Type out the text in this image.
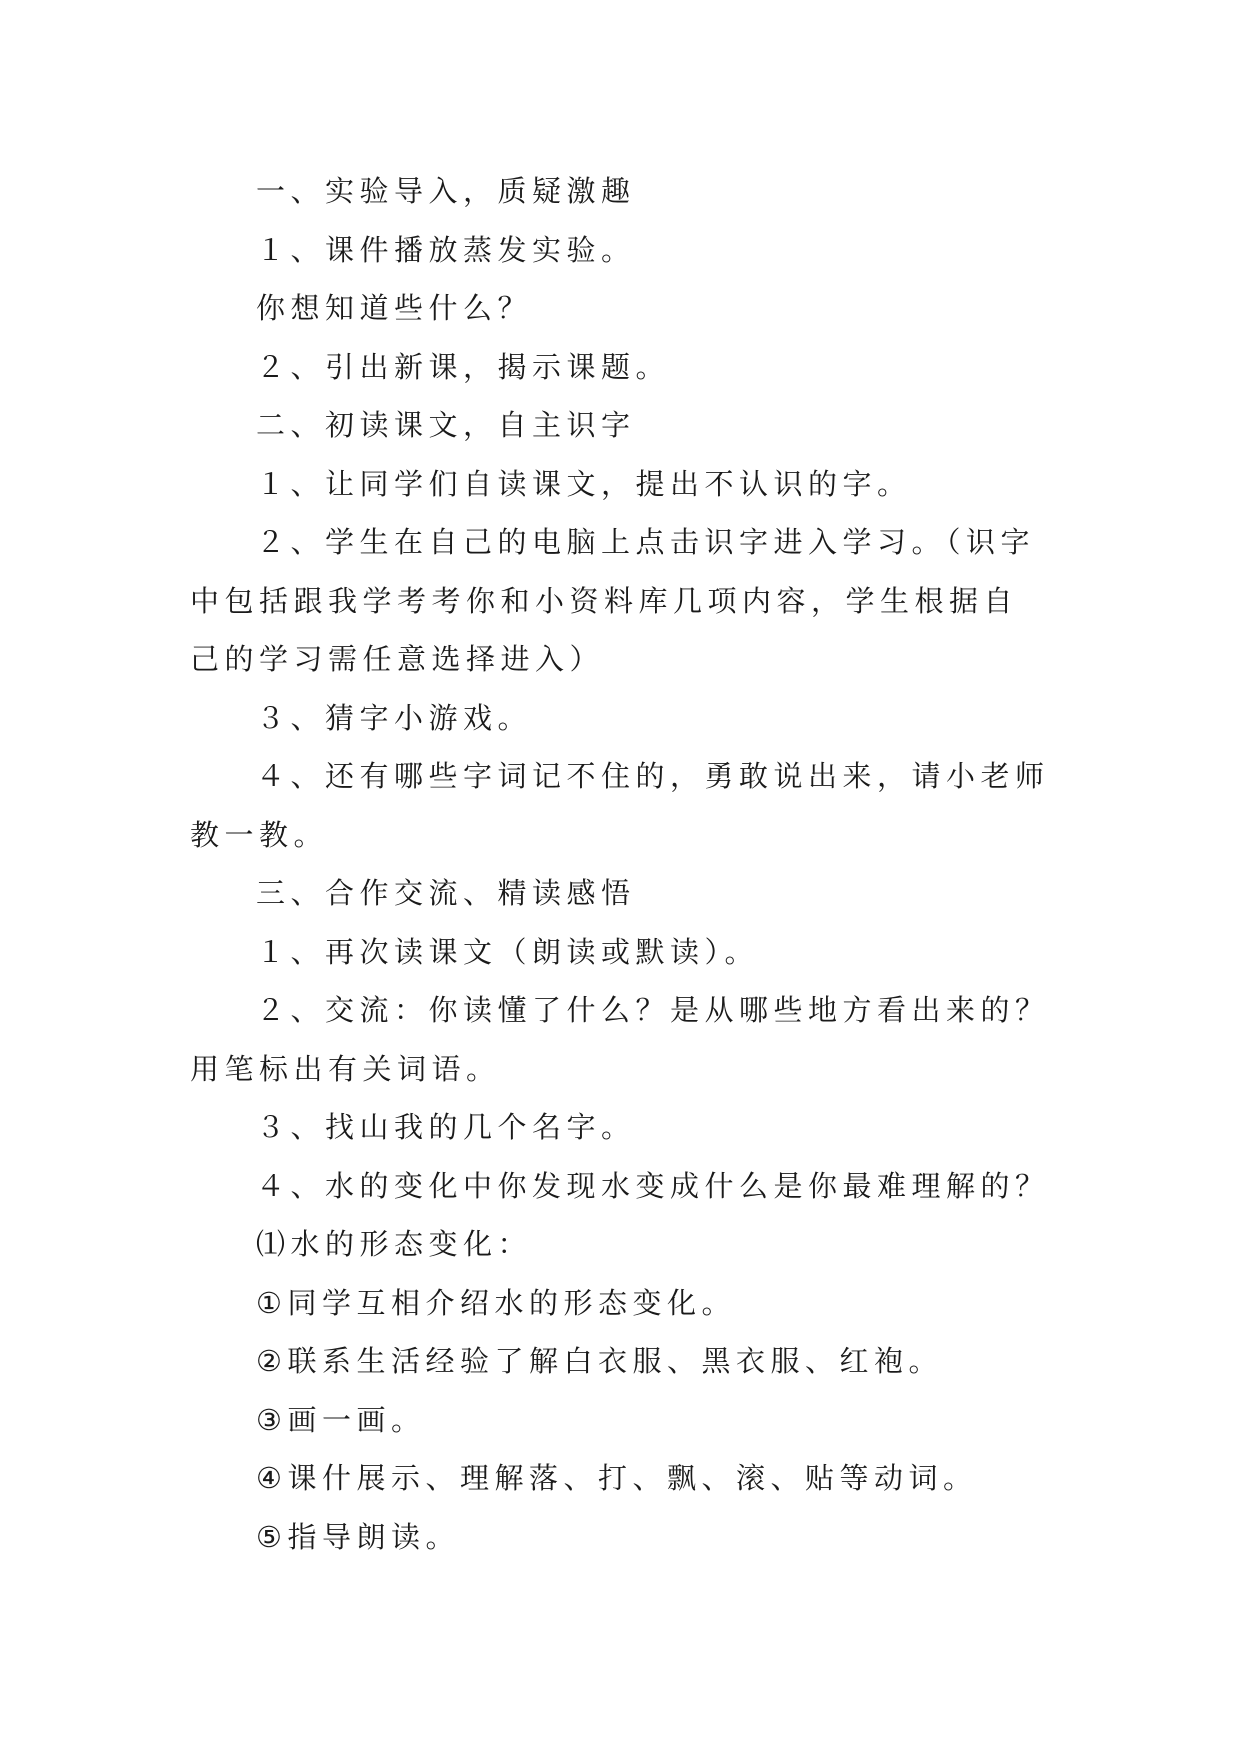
一、实验导入，质疑激趣

１、课件播放蒸发实验。

你想知道些什么？

２、引出新课，揭示课题。

二、初读课文，自主识字

１、让同学们自读课文，提出不认识的字。

２、学生在自己的电脑上点击识字进入学习。（识字中包括跟我学考考你和小资料库几项内容，学生根据自己的学习需任意选择进入）

３、猜字小游戏。

４、还有哪些字词记不住的，勇敢说出来，请小老师教一教。

三、合作交流、精读感悟

１、再次读课文（朗读或默读）。

２、交流：你读懂了什么？是从哪些地方看出来的？用笔标出有关词语。

３、找山我的几个名字。

４、水的变化中你发现水变成什么是你最难理解的？

⑴水的形态变化：

①同学互相介绍水的形态变化。

②联系生活经验了解白衣服、黑衣服、红袍。

③画一画。

④课什展示、理解落、打、飘、滚、贴等动词。

⑤指导朗读。
